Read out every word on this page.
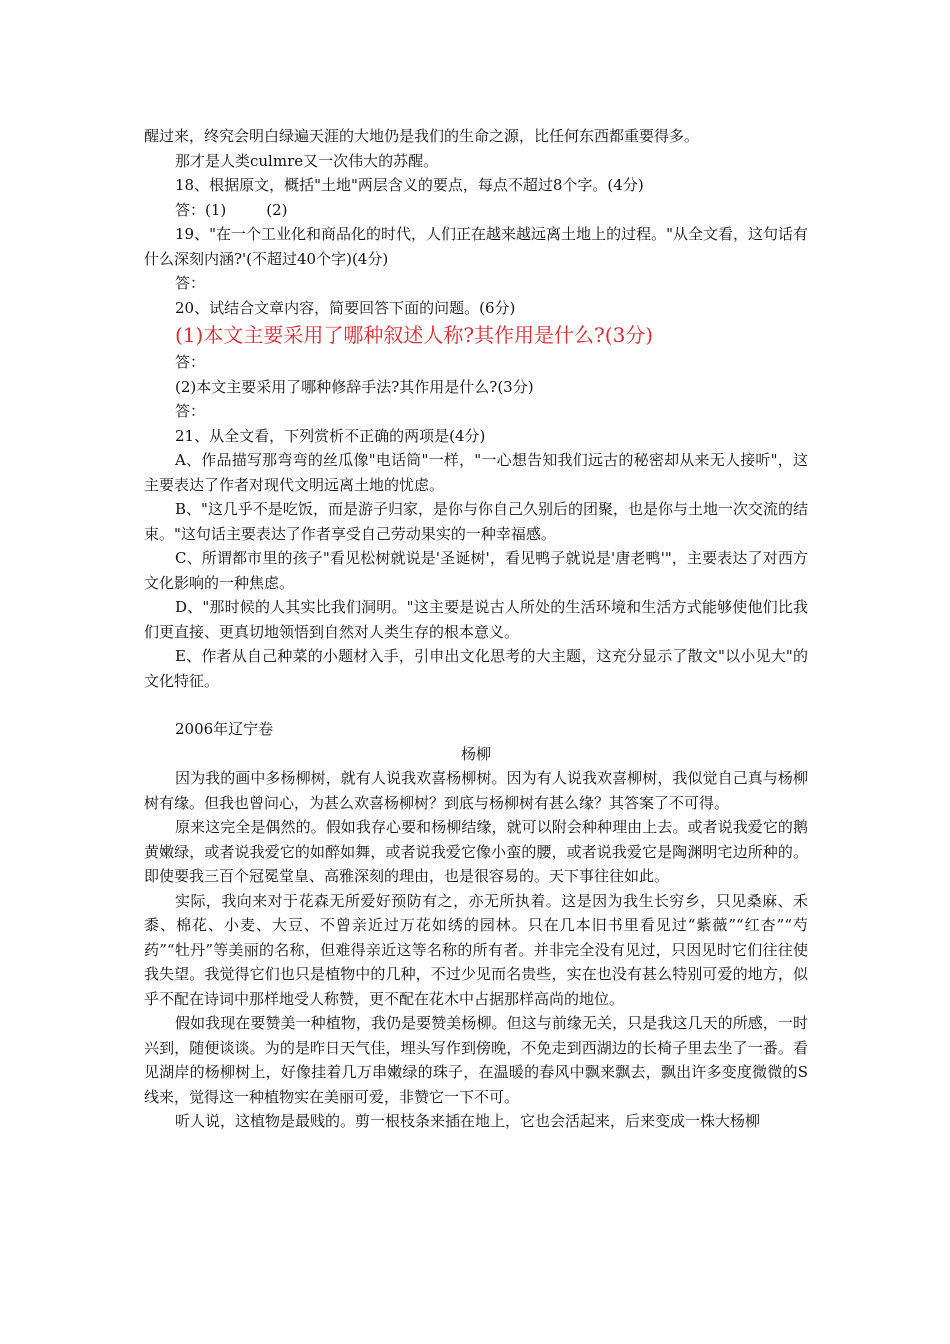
醒过来，终究会明白绿遍天涯的大地仍是我们的生命之源，比任何东西都重要得多。

那才是人类culmre又一次伟大的苏醒。

18、根据原文，概括"土地"两层含义的要点，每点不超过8个字。(4分)

答：(1)	(2)

19、"在一个工业化和商品化的时代，人们正在越来越远离土地上的过程。"从全文看，这句话有什么深刻内涵?'(不超过40个字)(4分)

答：

20、试结合文章内容，简要回答下面的问题。(6分)

(1)本文主要采用了哪种叙述人称?其作用是什么?(3分)

答：

(2)本文主要采用了哪种修辞手法?其作用是什么?(3分)

答：

21、从全文看，下列赏析不正确的两项是(4分)

A、作品描写那弯弯的丝瓜像"电话筒"一样，"一心想告知我们远古的秘密却从来无人接听"，这主要表达了作者对现代文明远离土地的忧虑。

B、"这几乎不是吃饭，而是游子归家，是你与你自己久别后的团聚，也是你与土地一次交流的结束。"这句话主要表达了作者享受自己劳动果实的一种幸福感。

C、所谓都市里的孩子"看见松树就说是'圣诞树'，看见鸭子就说是'唐老鸭'"，主要表达了对西方文化影响的一种焦虑。

D、"那时候的人其实比我们洞明。"这主要是说古人所处的生活环境和生活方式能够使他们比我们更直接、更真切地领悟到自然对人类生存的根本意义。

E、作者从自己种菜的小题材入手，引申出文化思考的大主题，这充分显示了散文"以小见大"的文化特征。

2006年辽宁卷

杨柳

因为我的画中多杨柳树，就有人说我欢喜杨柳树。因为有人说我欢喜柳树，我似觉自己真与杨柳树有缘。但我也曾问心，为甚么欢喜杨柳树？到底与杨柳树有甚么缘？其答案了不可得。

原来这完全是偶然的。假如我存心要和杨柳结缘，就可以附会种种理由上去。或者说我爱它的鹅黄嫩绿，或者说我爱它的如醉如舞，或者说我爱它像小蛮的腰，或者说我爱它是陶渊明宅边所种的。即使要我三百个冠冕堂皇、高雅深刻的理由，也是很容易的。天下事往往如此。

实际，我向来对于花森无所爱好预防有之，亦无所执着。这是因为我生长穷乡，只见桑麻、禾黍、棉花、小麦、大豆、不曾亲近过万花如绣的园林。只在几本旧书里看见过“紫薇”“红杏”“芍药”“牡丹”等美丽的名称，但难得亲近这等名称的所有者。并非完全没有见过，只因见时它们往往使我失望。我觉得它们也只是植物中的几种，不过少见而名贵些，实在也没有甚么特别可爱的地方，似乎不配在诗词中那样地受人称赞，更不配在花木中占据那样高尚的地位。

假如我现在要赞美一种植物，我仍是要赞美杨柳。但这与前缘无关，只是我这几天的所感，一时兴到，随便谈谈。为的是昨日天气佳，埋头写作到傍晚，不免走到西湖边的长椅子里去坐了一番。看见湖岸的杨柳树上，好像挂着几万串嫩绿的珠子，在温暖的春风中飘来飘去，飘出许多变度微微的S线来，觉得这一种植物实在美丽可爱，非赞它一下不可。

听人说，这植物是最贱的。剪一根枝条来插在地上，它也会活起来，后来变成一株大杨柳
